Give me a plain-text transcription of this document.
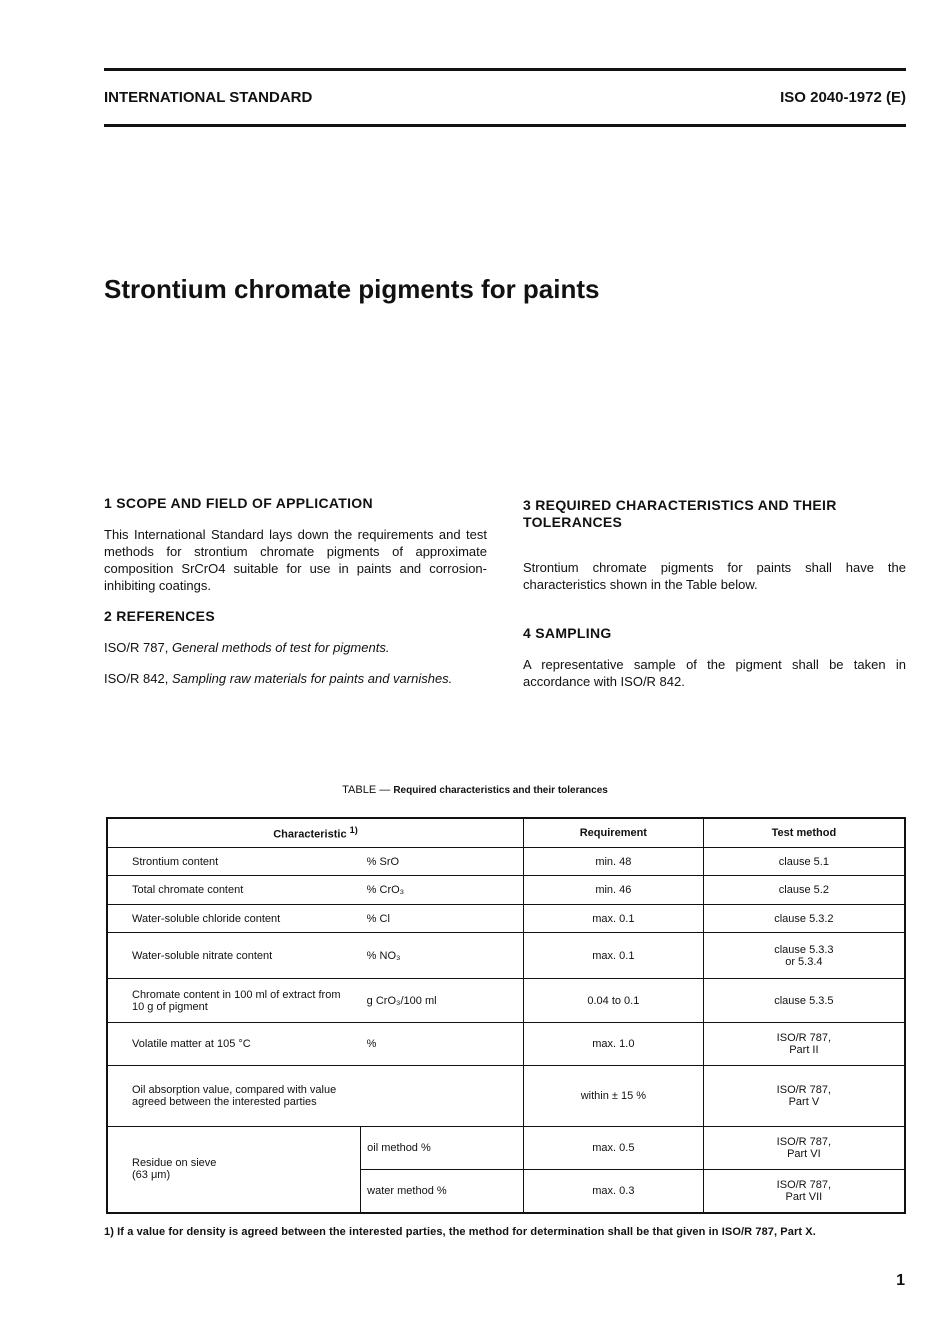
INTERNATIONAL STANDARD	ISO 2040-1972 (E)
Strontium chromate pigments for paints
1 SCOPE AND FIELD OF APPLICATION

This International Standard lays down the requirements and test methods for strontium chromate pigments of approximate composition SrCrO4 suitable for use in paints and corrosion-inhibiting coatings.

2 REFERENCES

ISO/R 787, General methods of test for pigments.

ISO/R 842, Sampling raw materials for paints and varnishes.

3 REQUIRED CHARACTERISTICS AND THEIR TOLERANCES

Strontium chromate pigments for paints shall have the characteristics shown in the Table below.

4 SAMPLING

A representative sample of the pigment shall be taken in accordance with ISO/R 842.

TABLE — Required characteristics and their tolerances
Characteristic $^{1)}$		Requirement	Test method
Strontium content	% SrO	min. 48	clause 5.1
Total chromate content	% CrO₃	min. 46	clause 5.2
Water-soluble chloride content	% Cl	max. 0.1	clause 5.3.2
Water-soluble nitrate content	% NO₃	max. 0.1	clause 5.3.3
or 5.3.4
Chromate content in 100 ml of extract from 10 g of pigment	g CrO₃/100 ml	0.04 to 0.1	clause 5.3.5
Volatile matter at 105 °C	%	max. 1.0	ISO/R 787,
Part II
Oil absorption value, compared with value agreed between the interested parties		within ± 15 %	ISO/R 787,
Part V
Residue on sieve
(63 μm)	oil method %	max. 0.5	ISO/R 787,
Part VI
	water method %	max. 0.3	ISO/R 787,
Part VII
1) If a value for density is agreed between the interested parties, the method for determination shall be that given in ISO/R 787, Part X.
1
